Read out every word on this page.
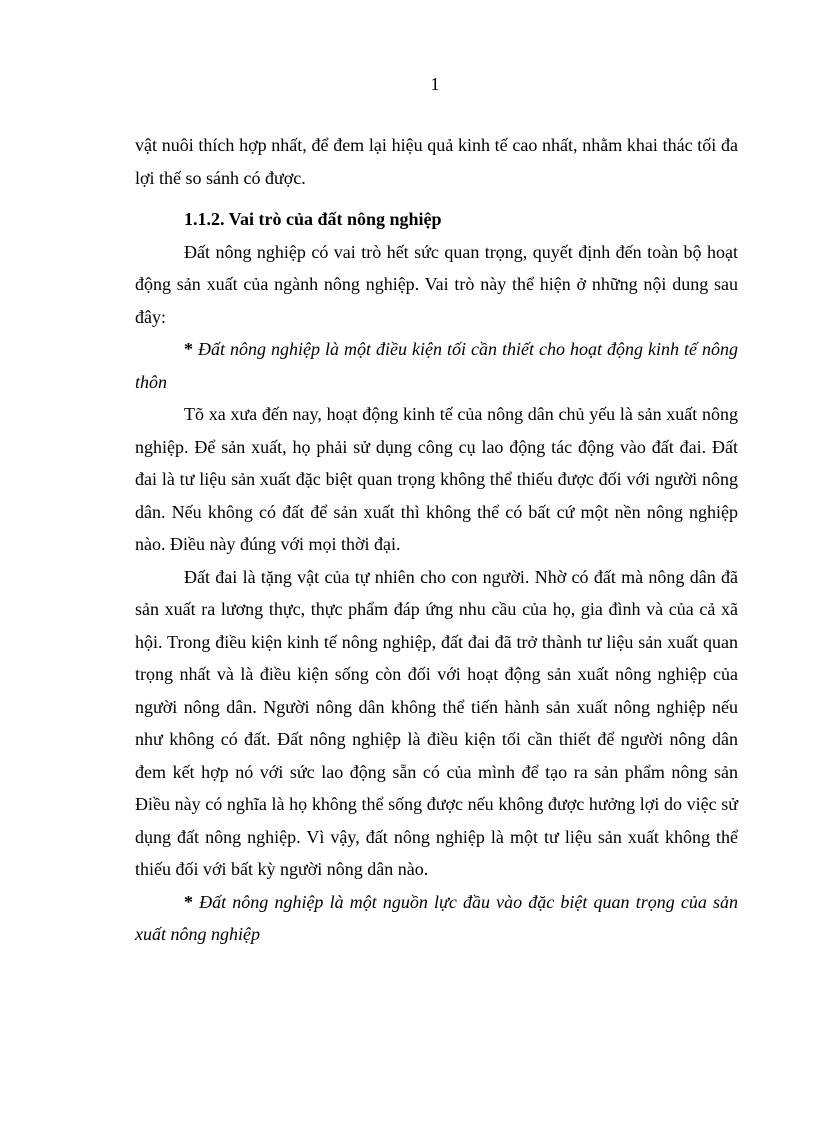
1

vật nuôi thích hợp nhất, để đem lại hiệu quả kinh tế cao nhất, nhằm khai thác tối đa lợi thế so sánh có được.

1.1.2. Vai trò của đất nông nghiệp

Đất nông nghiệp có vai trò hết sức quan trọng, quyết định đến toàn bộ hoạt động sản xuất của ngành nông nghiệp. Vai trò này thể hiện ở những nội dung sau đây:

* Đất nông nghiệp là một điều kiện tối cần thiết cho hoạt động kinh tế nông thôn

Tõ xa xưa đến nay, hoạt động kinh tế của nông dân chủ yếu là sản xuất nông nghiệp. Để sản xuất, họ phải sử dụng công cụ lao động tác động vào đất đai. Đất đai là tư liệu sản xuất đặc biệt quan trọng không thể thiếu được đối với người nông dân. Nếu không có đất để sản xuất thì không thể có bất cứ một nền nông nghiệp nào. Điều này đúng với mọi thời đại.

Đất đai là tặng vật của tự nhiên cho con người. Nhờ có đất mà nông dân đã sản xuất ra lương thực, thực phẩm đáp ứng nhu cầu của họ, gia đình và của cả xã hội. Trong điều kiện kinh tế nông nghiệp, đất đai đã trở thành tư liệu sản xuất quan trọng nhất và là điều kiện sống còn đối với hoạt động sản xuất nông nghiệp của người nông dân. Người nông dân không thể tiến hành sản xuất nông nghiệp nếu như không có đất. Đất nông nghiệp là điều kiện tối cần thiết để người nông dân đem kết hợp nó với sức lao động sẵn có của mình để tạo ra sản phẩm nông sản Điều này có nghĩa là họ không thể sống được nếu không được hưởng lợi do việc sử dụng đất nông nghiệp. Vì vậy, đất nông nghiệp là một tư liệu sản xuất không thể thiếu đối với bất kỳ người nông dân nào.

* Đất nông nghiệp là một nguồn lực đầu vào đặc biệt quan trọng của sản xuất nông nghiệp
